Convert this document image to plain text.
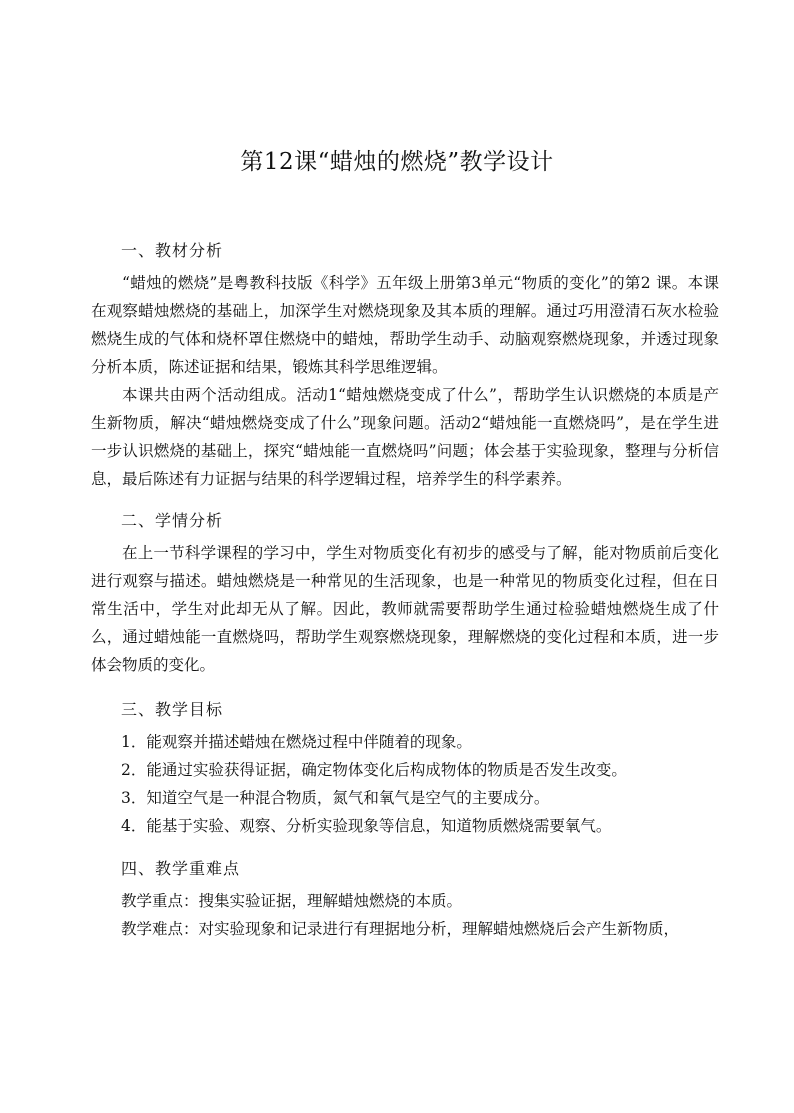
第12课“蜡烛的燃烧”教学设计
一、教材分析

“蜡烛的燃烧”是粤教科技版《科学》五年级上册第3单元“物质的变化”的第2 课。本课在观察蜡烛燃烧的基础上，加深学生对燃烧现象及其本质的理解。通过巧用澄清石灰水检验燃烧生成的气体和烧杯罩住燃烧中的蜡烛，帮助学生动手、动脑观察燃烧现象，并透过现象分析本质，陈述证据和结果，锻炼其科学思维逻辑。

本课共由两个活动组成。活动1“蜡烛燃烧变成了什么”，帮助学生认识燃烧的本质是产生新物质，解决“蜡烛燃烧变成了什么”现象问题。活动2“蜡烛能一直燃烧吗”，是在学生进一步认识燃烧的基础上，探究“蜡烛能一直燃烧吗”问题；体会基于实验现象，整理与分析信息，最后陈述有力证据与结果的科学逻辑过程，培养学生的科学素养。

二、学情分析

在上一节科学课程的学习中，学生对物质变化有初步的感受与了解，能对物质前后变化进行观察与描述。蜡烛燃烧是一种常见的生活现象，也是一种常见的物质变化过程，但在日常生活中，学生对此却无从了解。因此，教师就需要帮助学生通过检验蜡烛燃烧生成了什么，通过蜡烛能一直燃烧吗，帮助学生观察燃烧现象，理解燃烧的变化过程和本质，进一步体会物质的变化。

三、教学目标
1．能观察并描述蜡烛在燃烧过程中伴随着的现象。
2．能通过实验获得证据，确定物体变化后构成物体的物质是否发生改变。
3．知道空气是一种混合物质，氮气和氧气是空气的主要成分。
4．能基于实验、观察、分析实验现象等信息，知道物质燃烧需要氧气。
四、教学重难点

教学重点：搜集实验证据，理解蜡烛燃烧的本质。

教学难点：对实验现象和记录进行有理据地分析，理解蜡烛燃烧后会产生新物质，
